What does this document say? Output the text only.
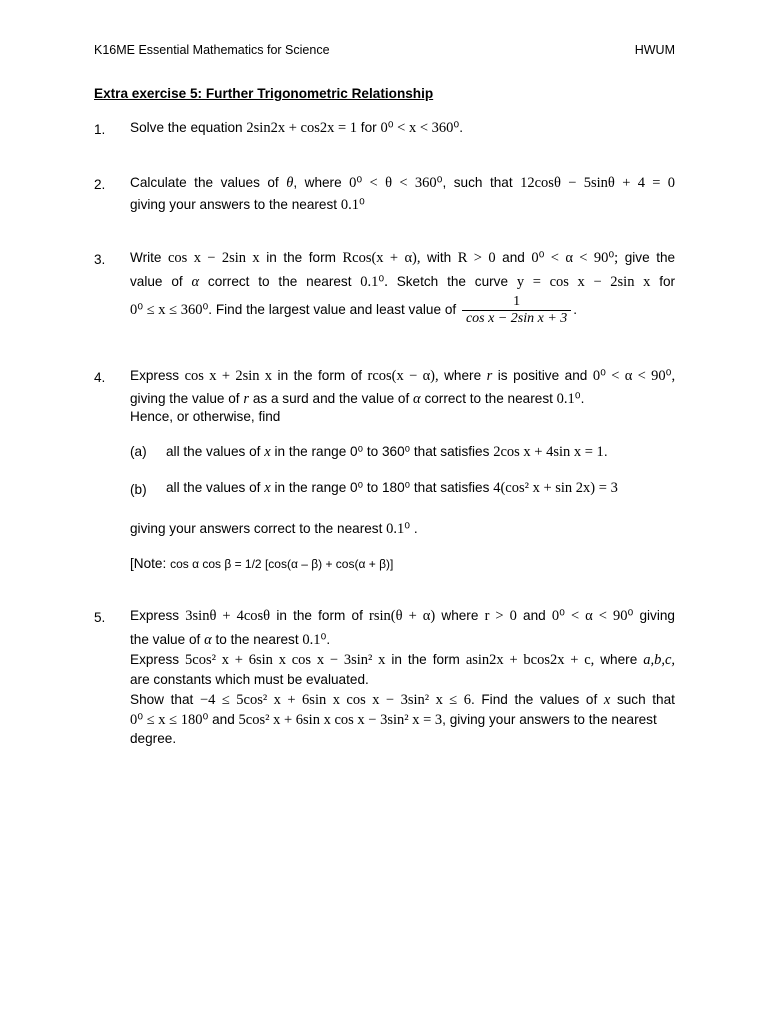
K16ME Essential Mathematics for Science	HWUM
Extra exercise 5: Further Trigonometric Relationship
1. Solve the equation 2sin2x + cos2x = 1 for 0⁰ < x < 360⁰.
2. Calculate the values of θ, where 0⁰ < θ < 360⁰, such that 12cosθ − 5sinθ + 4 = 0
giving your answers to the nearest 0.1⁰
3. Write cos x − 2sin x in the form Rcos(x + α), with R > 0 and 0⁰ < α < 90⁰; give the
value of α correct to the nearest 0.1⁰. Sketch the curve y = cos x − 2sin x for
0⁰ ≤ x ≤ 360⁰. Find the largest value and least value of $\frac{1}{\text{cos x − 2sin x + 3}}$ .
4. Express cos x + 2sin x in the form of rcos(x − α), where r is positive and 0⁰ < α < 90⁰,
giving the value of r as a surd and the value of α correct to the nearest 0.1⁰.
Hence, or otherwise, find
(a) all the values of x in the range 0⁰ to 360⁰ that satisfies 2cos x + 4sin x = 1.
(b) all the values of x in the range 0⁰ to 180⁰ that satisfies 4(cos² x + sin 2x) = 3
giving your answers correct to the nearest 0.1⁰ .
[Note: cos α cos β = 1/2 [cos(α – β) + cos(α + β)]
5. Express 3sinθ + 4cosθ in the form of rsin(θ + α) where r > 0 and 0⁰ < α < 90⁰ giving
the value of α to the nearest 0.1⁰.
Express 5cos² x + 6sin x cos x − 3sin² x in the form asin2x + bcos2x + c, where a,b,c,
are constants which must be evaluated.
Show that −4 ≤ 5cos² x + 6sin x cos x − 3sin² x ≤ 6. Find the values of x such that
0⁰ ≤ x ≤ 180⁰ and 5cos² x + 6sin x cos x − 3sin² x = 3, giving your answers to the nearest
degree.
